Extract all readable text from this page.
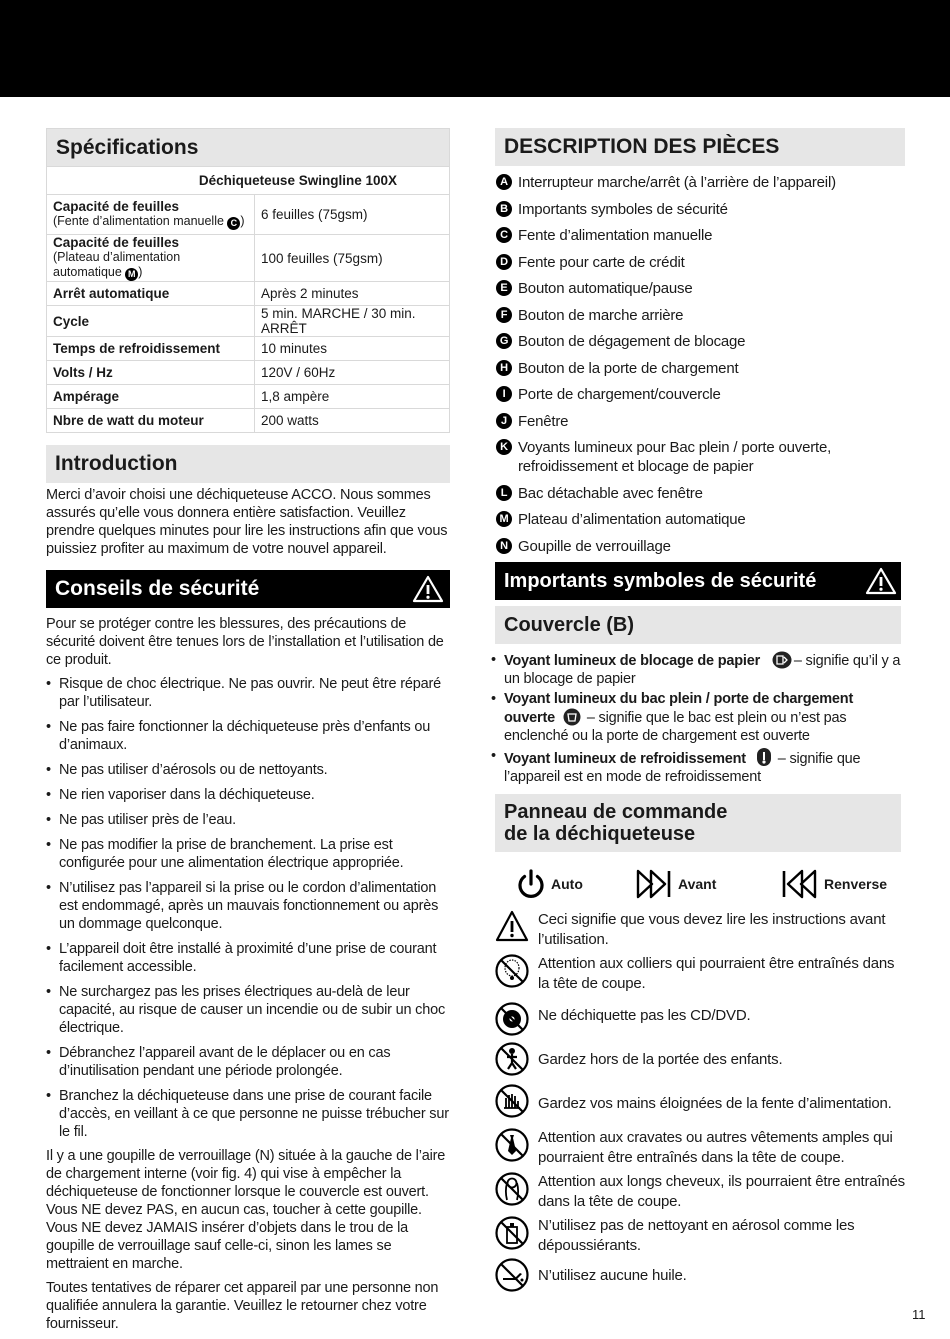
Spécifications
Déchiqueteuse Swingline 100X	
Capacité de feuilles
(Fente d’alimentation manuelle C )	6 feuilles (75gsm)
Capacité de feuilles
(Plateau d’alimentation automatique M )	100 feuilles (75gsm)
Arrêt automatique	Après 2 minutes
Cycle	5 min. MARCHE / 30 min. ARRÊT
Temps de refroidissement	10 minutes
Volts / Hz	120V / 60Hz
Ampérage	1,8 ampère
Nbre de watt du moteur	200 watts
Introduction

Merci d’avoir choisi une déchiqueteuse ACCO. Nous sommes assurés qu’elle vous donnera entière satisfaction. Veuillez prendre quelques minutes pour lire les instructions afin que vous puissiez profiter au maximum de votre nouvel appareil.

Conseils de sécurité

Pour se protéger contre les blessures, des précautions de sécurité doivent être tenues lors de l’installation et l’utilisation de ce produit.

• Risque de choc électrique. Ne pas ouvrir. Ne peut être réparé par l’utilisateur.
• Ne pas faire fonctionner la déchiqueteuse près d’enfants ou d’animaux.
• Ne pas utiliser d’aérosols ou de nettoyants.
• Ne rien vaporiser dans la déchiqueteuse.
• Ne pas utiliser près de l’eau.
• Ne pas modifier la prise de branchement. La prise est configurée pour une alimentation électrique appropriée.
• N’utilisez pas l’appareil si la prise ou le cordon d’alimentation est endommagé, après un mauvais fonctionnement ou après un dommage quelconque.
• L’appareil doit être installé à proximité d’une prise de courant facilement accessible.
• Ne surchargez pas les prises électriques au-delà de leur capacité, au risque de causer un incendie ou de subir un choc électrique.
• Débranchez l’appareil avant de le déplacer ou en cas d’inutilisation pendant une période prolongée.
• Branchez la déchiqueteuse dans une prise de courant facile d’accès, en veillant à ce que personne ne puisse trébucher sur le fil.

Il y a une goupille de verrouillage (N) située à la gauche de l’aire de chargement interne (voir fig. 4) qui vise à empêcher la déchiqueteuse de fonctionner lorsque le couvercle est ouvert. Vous NE devez PAS, en aucun cas, toucher à cette goupille. Vous NE devez JAMAIS insérer d’objets dans le trou de la goupille de verrouillage sauf celle-ci, sinon les lames se mettraient en marche.

Toutes tentatives de réparer cet appareil par une personne non qualifiée annulera la garantie. Veuillez le retourner chez votre fournisseur.

DESCRIPTION DES PIÈCES
A Interrupteur marche/arrêt (à l’arrière de l’appareil)
B Importants symboles de sécurité
C Fente d’alimentation manuelle
D Fente pour carte de crédit
E Bouton automatique/pause
F Bouton de marche arrière
G Bouton de dégagement de blocage
H Bouton de la porte de chargement
I Porte de chargement/couvercle
J Fenêtre
K Voyants lumineux pour Bac plein / porte ouverte, refroidissement et blocage de papier
L Bac détachable avec fenêtre
M Plateau d’alimentation automatique
N Goupille de verrouillage
Importants symboles de sécurité
Couvercle (B)
• Voyant lumineux de blocage de papier – signifie qu’il y a un blocage de papier
• Voyant lumineux du bac plein / porte de chargement ouverte – signifie que le bac est plein ou n’est pas enclenché ou la porte de chargement est ouverte
• Voyant lumineux de refroidissement – signifie que l’appareil est en mode de refroidissement
Panneau de commande
de la déchiqueteuse
Auto	Avant	Renverse
Ceci signifie que vous devez lire les instructions avant l’utilisation.
Attention aux colliers qui pourraient être entraînés dans la tête de coupe.
Ne déchiquette pas les CD/DVD.
Gardez hors de la portée des enfants.
Gardez vos mains éloignées de la fente d’alimentation.
Attention aux cravates ou autres vêtements amples qui pourraient être entraînés dans la tête de coupe.
Attention aux longs cheveux, ils pourraient être entraînés dans la tête de coupe.
N’utilisez pas de nettoyant en aérosol comme les dépoussiérants.
N’utilisez aucune huile.
11
